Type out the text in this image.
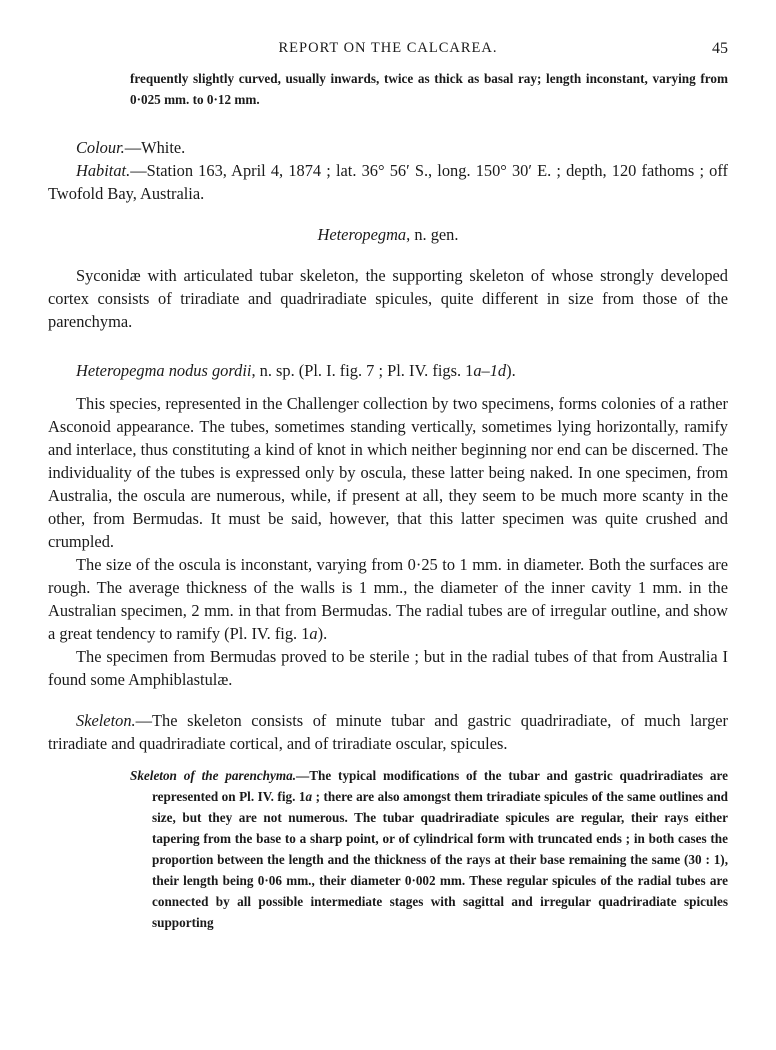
REPORT ON THE CALCAREA.	45

frequently slightly curved, usually inwards, twice as thick as basal ray; length inconstant, varying from 0·025 mm. to 0·12 mm.

Colour.—White.

Habitat.—Station 163, April 4, 1874 ; lat. 36° 56′ S., long. 150° 30′ E. ; depth, 120 fathoms ; off Twofold Bay, Australia.

Heteropegma, n. gen.

Syconidæ with articulated tubar skeleton, the supporting skeleton of whose strongly developed cortex consists of triradiate and quadriradiate spicules, quite different in size from those of the parenchyma.

Heteropegma nodus gordii, n. sp. (Pl. I. fig. 7 ; Pl. IV. figs. 1a–1d).

This species, represented in the Challenger collection by two specimens, forms colonies of a rather Asconoid appearance. The tubes, sometimes standing vertically, sometimes lying horizontally, ramify and interlace, thus constituting a kind of knot in which neither beginning nor end can be discerned. The individuality of the tubes is expressed only by oscula, these latter being naked. In one specimen, from Australia, the oscula are numerous, while, if present at all, they seem to be much more scanty in the other, from Bermudas. It must be said, however, that this latter specimen was quite crushed and crumpled.

The size of the oscula is inconstant, varying from 0·25 to 1 mm. in diameter. Both the surfaces are rough. The average thickness of the walls is 1 mm., the diameter of the inner cavity 1 mm. in the Australian specimen, 2 mm. in that from Bermudas. The radial tubes are of irregular outline, and show a great tendency to ramify (Pl. IV. fig. 1a).

The specimen from Bermudas proved to be sterile ; but in the radial tubes of that from Australia I found some Amphiblastulæ.

Skeleton.—The skeleton consists of minute tubar and gastric quadriradiate, of much larger triradiate and quadriradiate cortical, and of triradiate oscular, spicules.

Skeleton of the parenchyma.—The typical modifications of the tubar and gastric quadriradiates are represented on Pl. IV. fig. 1a ; there are also amongst them triradiate spicules of the same outlines and size, but they are not numerous. The tubar quadriradiate spicules are regular, their rays either tapering from the base to a sharp point, or of cylindrical form with truncated ends ; in both cases the proportion between the length and the thickness of the rays at their base remaining the same (30 : 1), their length being 0·06 mm., their diameter 0·002 mm. These regular spicules of the radial tubes are connected by all possible intermediate stages with sagittal and irregular quadriradiate spicules supporting
